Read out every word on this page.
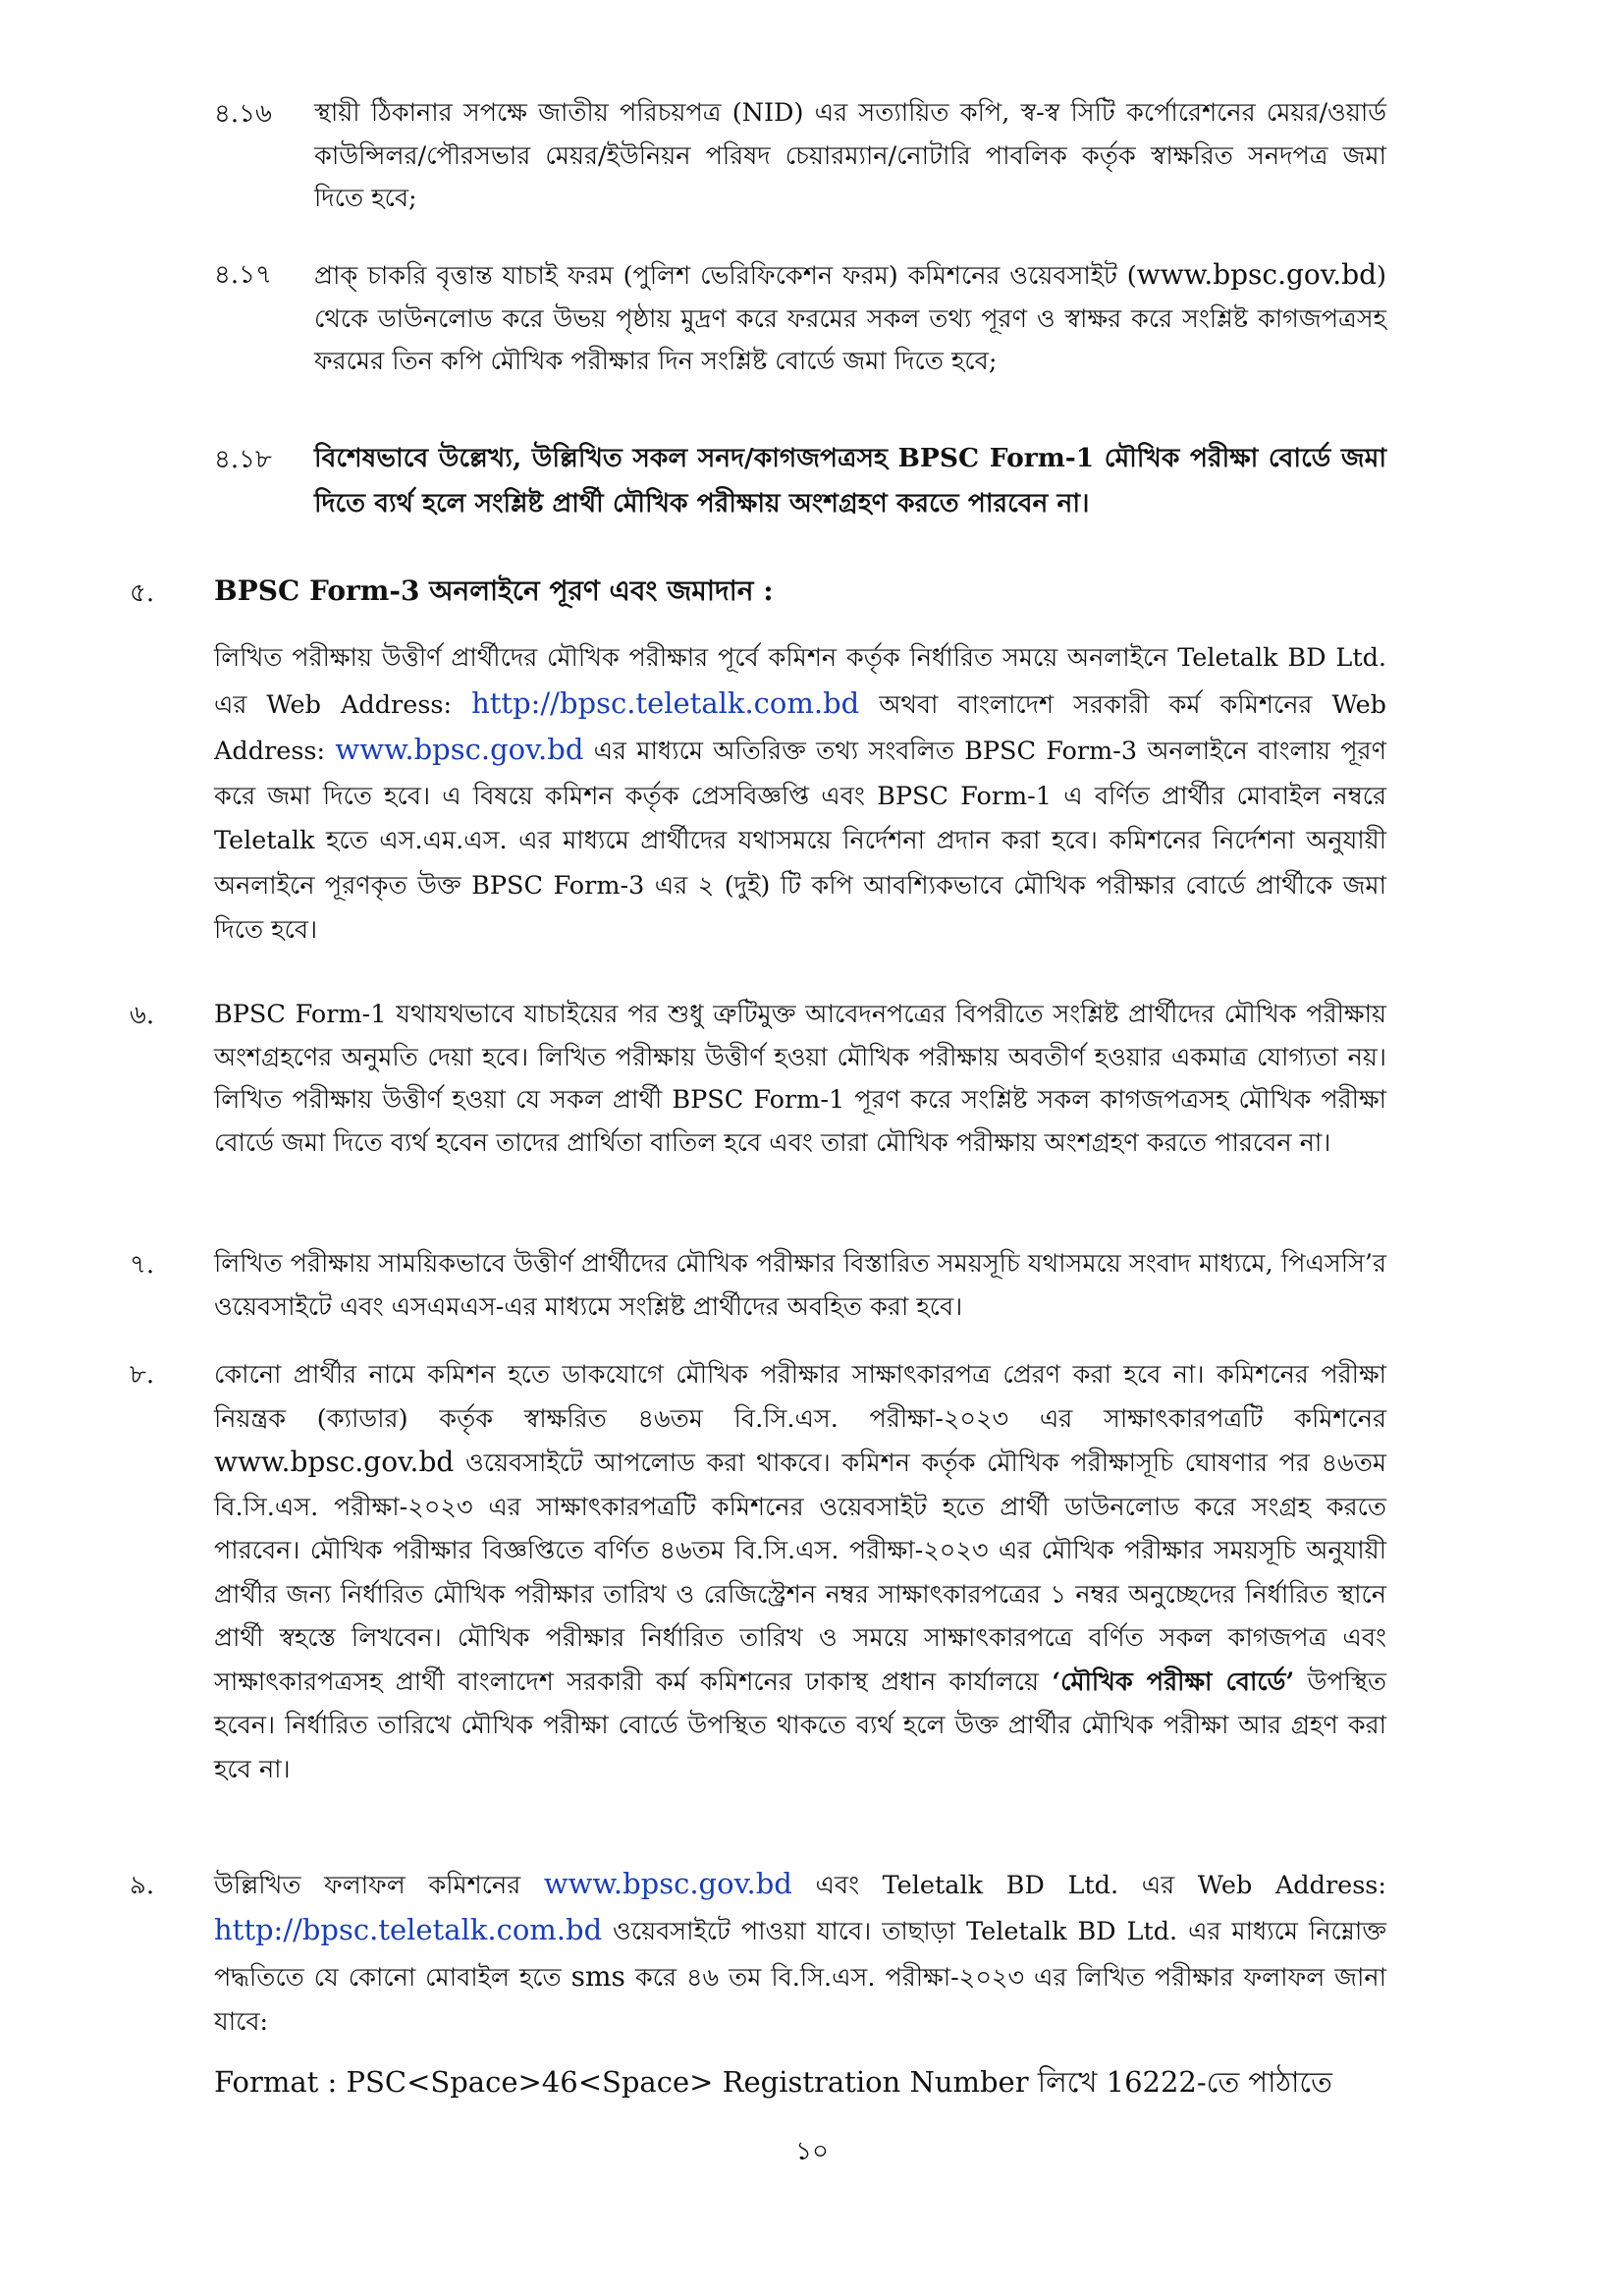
৪.১৬ স্থায়ী ঠিকানার সপক্ষে জাতীয় পরিচয়পত্র (NID) এর সত্যায়িত কপি, স্ব-স্ব সিটি কর্পোরেশনের মেয়র/ওয়ার্ড কাউন্সিলর/পৌরসভার মেয়র/ইউনিয়ন পরিষদ চেয়ারম্যান/নোটারি পাবলিক কর্তৃক স্বাক্ষরিত সনদপত্র জমা দিতে হবে;

৪.১৭ প্রাক্ চাকরি বৃত্তান্ত যাচাই ফরম (পুলিশ ভেরিফিকেশন ফরম) কমিশনের ওয়েবসাইট (www.bpsc.gov.bd) থেকে ডাউনলোড করে উভয় পৃষ্ঠায় মুদ্রণ করে ফরমের সকল তথ্য পূরণ ও স্বাক্ষর করে সংশ্লিষ্ট কাগজপত্রসহ ফরমের তিন কপি মৌখিক পরীক্ষার দিন সংশ্লিষ্ট বোর্ডে জমা দিতে হবে;

৪.১৮ বিশেষভাবে উল্লেখ্য, উল্লিখিত সকল সনদ/কাগজপত্রসহ BPSC Form-1 মৌখিক পরীক্ষা বোর্ডে জমা দিতে ব্যর্থ হলে সংশ্লিষ্ট প্রার্থী মৌখিক পরীক্ষায় অংশগ্রহণ করতে পারবেন না।

৫. BPSC Form-3 অনলাইনে পূরণ এবং জমাদান :

লিখিত পরীক্ষায় উত্তীর্ণ প্রার্থীদের মৌখিক পরীক্ষার পূর্বে কমিশন কর্তৃক নির্ধারিত সময়ে অনলাইনে Teletalk BD Ltd. এর Web Address: http://bpsc.teletalk.com.bd অথবা বাংলাদেশ সরকারী কর্ম কমিশনের Web Address: www.bpsc.gov.bd এর মাধ্যমে অতিরিক্ত তথ্য সংবলিত BPSC Form-3 অনলাইনে বাংলায় পূরণ করে জমা দিতে হবে। এ বিষয়ে কমিশন কর্তৃক প্রেসবিজ্ঞপ্তি এবং BPSC Form-1 এ বর্ণিত প্রার্থীর মোবাইল নম্বরে Teletalk হতে এস.এম.এস. এর মাধ্যমে প্রার্থীদের যথাসময়ে নির্দেশনা প্রদান করা হবে। কমিশনের নির্দেশনা অনুযায়ী অনলাইনে পূরণকৃত উক্ত BPSC Form-3 এর ২ (দুই) টি কপি আবশ্যিকভাবে মৌখিক পরীক্ষার বোর্ডে প্রার্থীকে জমা দিতে হবে।

৬. BPSC Form-1 যথাযথভাবে যাচাইয়ের পর শুধু ত্রুটিমুক্ত আবেদনপত্রের বিপরীতে সংশ্লিষ্ট প্রার্থীদের মৌখিক পরীক্ষায় অংশগ্রহণের অনুমতি দেয়া হবে। লিখিত পরীক্ষায় উত্তীর্ণ হওয়া মৌখিক পরীক্ষায় অবতীর্ণ হওয়ার একমাত্র যোগ্যতা নয়। লিখিত পরীক্ষায় উত্তীর্ণ হওয়া যে সকল প্রার্থী BPSC Form-1 পূরণ করে সংশ্লিষ্ট সকল কাগজপত্রসহ মৌখিক পরীক্ষা বোর্ডে জমা দিতে ব্যর্থ হবেন তাদের প্রার্থিতা বাতিল হবে এবং তারা মৌখিক পরীক্ষায় অংশগ্রহণ করতে পারবেন না।

৭. লিখিত পরীক্ষায় সাময়িকভাবে উত্তীর্ণ প্রার্থীদের মৌখিক পরীক্ষার বিস্তারিত সময়সূচি যথাসময়ে সংবাদ মাধ্যমে, পিএসসি’র ওয়েবসাইটে এবং এসএমএস-এর মাধ্যমে সংশ্লিষ্ট প্রার্থীদের অবহিত করা হবে।

৮. কোনো প্রার্থীর নামে কমিশন হতে ডাকযোগে মৌখিক পরীক্ষার সাক্ষাৎকারপত্র প্রেরণ করা হবে না। কমিশনের পরীক্ষা নিয়ন্ত্রক (ক্যাডার) কর্তৃক স্বাক্ষরিত ৪৬তম বি.সি.এস. পরীক্ষা-২০২৩ এর সাক্ষাৎকারপত্রটি কমিশনের www.bpsc.gov.bd ওয়েবসাইটে আপলোড করা থাকবে। কমিশন কর্তৃক মৌখিক পরীক্ষাসূচি ঘোষণার পর ৪৬তম বি.সি.এস. পরীক্ষা-২০২৩ এর সাক্ষাৎকারপত্রটি কমিশনের ওয়েবসাইট হতে প্রার্থী ডাউনলোড করে সংগ্রহ করতে পারবেন। মৌখিক পরীক্ষার বিজ্ঞপ্তিতে বর্ণিত ৪৬তম বি.সি.এস. পরীক্ষা-২০২৩ এর মৌখিক পরীক্ষার সময়সূচি অনুযায়ী প্রার্থীর জন্য নির্ধারিত মৌখিক পরীক্ষার তারিখ ও রেজিস্ট্রেশন নম্বর সাক্ষাৎকারপত্রের ১ নম্বর অনুচ্ছেদের নির্ধারিত স্থানে প্রার্থী স্বহস্তে লিখবেন। মৌখিক পরীক্ষার নির্ধারিত তারিখ ও সময়ে সাক্ষাৎকারপত্রে বর্ণিত সকল কাগজপত্র এবং সাক্ষাৎকারপত্রসহ প্রার্থী বাংলাদেশ সরকারী কর্ম কমিশনের ঢাকাস্থ প্রধান কার্যালয়ে ‘মৌখিক পরীক্ষা বোর্ডে’ উপস্থিত হবেন। নির্ধারিত তারিখে মৌখিক পরীক্ষা বোর্ডে উপস্থিত থাকতে ব্যর্থ হলে উক্ত প্রার্থীর মৌখিক পরীক্ষা আর গ্রহণ করা হবে না।

৯. উল্লিখিত ফলাফল কমিশনের www.bpsc.gov.bd এবং Teletalk BD Ltd. এর Web Address: http://bpsc.teletalk.com.bd ওয়েবসাইটে পাওয়া যাবে। তাছাড়া Teletalk BD Ltd. এর মাধ্যমে নিম্নোক্ত পদ্ধতিতে যে কোনো মোবাইল হতে sms করে ৪৬ তম বি.সি.এস. পরীক্ষা-২০২৩ এর লিখিত পরীক্ষার ফলাফল জানা যাবে:

Format : PSC<Space>46<Space> Registration Number লিখে 16222-তে পাঠাতে
১০
